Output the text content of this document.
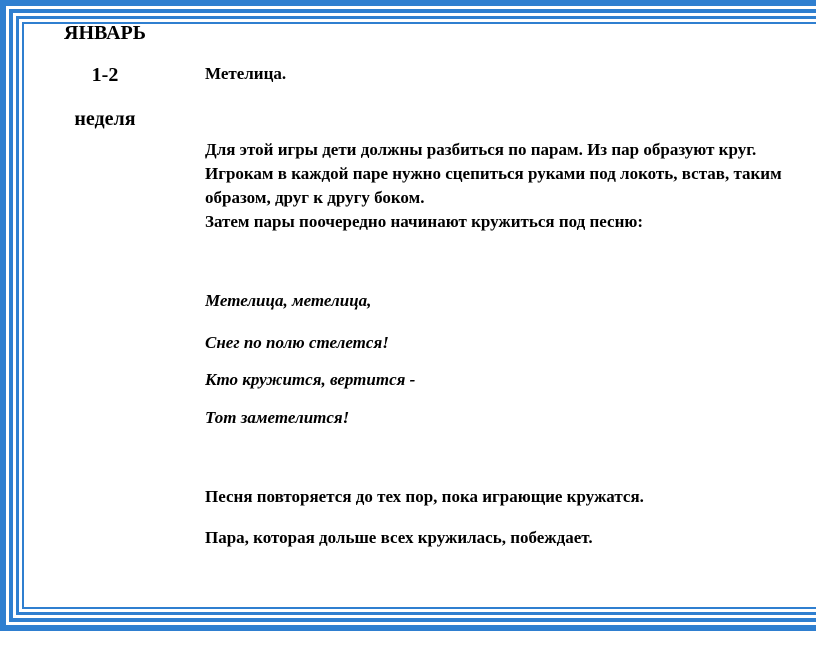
ЯНВАРЬ
1-2
неделя
Метелица.
Для этой игры дети должны разбиться по парам. Из пар образуют круг.
Игрокам в каждой паре нужно сцепиться руками под локоть, встав, таким
образом, друг к другу боком.
Затем пары поочередно начинают кружиться под песню:
Метелица, метелица,
Снег по полю стелется!
Кто кружится, вертится -
Тот заметелится!
Песня повторяется до тех пор, пока играющие кружатся.
Пара, которая дольше всех кружилась, побеждает.
